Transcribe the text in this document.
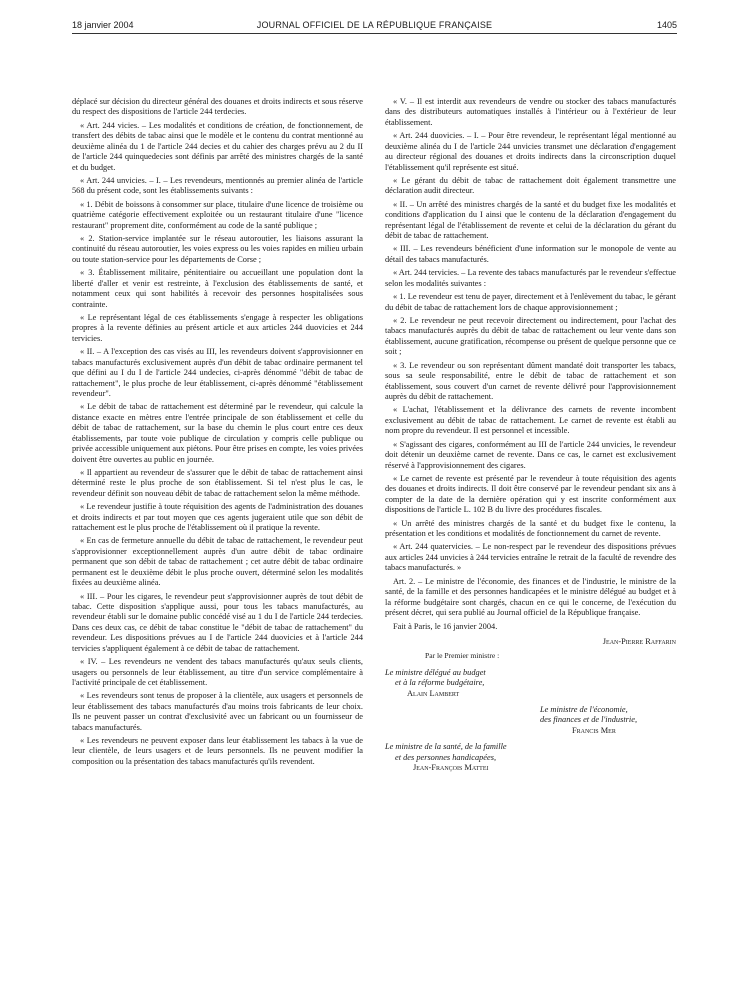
18 janvier 2004	JOURNAL OFFICIEL DE LA RÉPUBLIQUE FRANÇAISE	1405

déplacé sur décision du directeur général des douanes et droits indirects et sous réserve du respect des dispositions de l'article 244 terdecies.

« Art. 244 vicies. – Les modalités et conditions de création, de fonctionnement, de transfert des débits de tabac ainsi que le modèle et le contenu du contrat mentionné au deuxième alinéa du 1 de l'article 244 decies et du cahier des charges prévu au 2 du II de l'article 244 quinquedecies sont définis par arrêté des ministres chargés de la santé et du budget.

« Art. 244 unvicies. – I. – Les revendeurs, mentionnés au premier alinéa de l'article 568 du présent code, sont les établissements suivants :

« 1. Débit de boissons à consommer sur place, titulaire d'une licence de troisième ou quatrième catégorie effectivement exploitée ou un restaurant titulaire d'une "licence restaurant" proprement dite, conformément au code de la santé publique ;

« 2. Station-service implantée sur le réseau autoroutier, les liaisons assurant la continuité du réseau autoroutier, les voies express ou les voies rapides en milieu urbain ou toute station-service pour les départements de Corse ;

« 3. Établissement militaire, pénitentiaire ou accueillant une population dont la liberté d'aller et venir est restreinte, à l'exclusion des établissements de santé, et notamment ceux qui sont habilités à recevoir des personnes hospitalisées sous contrainte.

« Le représentant légal de ces établissements s'engage à respecter les obligations propres à la revente définies au présent article et aux articles 244 duovicies et 244 tervicies.

« II. – A l'exception des cas visés au III, les revendeurs doivent s'approvisionner en tabacs manufacturés exclusivement auprès d'un débit de tabac ordinaire permanent tel que défini au I du I de l'article 244 undecies, ci-après dénommé "débit de tabac de rattachement", le plus proche de leur établissement, ci-après dénommé "établissement revendeur".

« Le débit de tabac de rattachement est déterminé par le revendeur, qui calcule la distance exacte en mètres entre l'entrée principale de son établissement et celle du débit de tabac de rattachement, sur la base du chemin le plus court entre ces deux établissements, par toute voie publique de circulation y compris celle publique ou privée accessible uniquement aux piétons. Pour être prises en compte, les voies privées doivent être ouvertes au public en journée.

« Il appartient au revendeur de s'assurer que le débit de tabac de rattachement ainsi déterminé reste le plus proche de son établissement. Si tel n'est plus le cas, le revendeur définit son nouveau débit de tabac de rattachement selon la même méthode.

« Le revendeur justifie à toute réquisition des agents de l'administration des douanes et droits indirects et par tout moyen que ces agents jugeraient utile que son débit de rattachement est le plus proche de l'établissement où il pratique la revente.

« En cas de fermeture annuelle du débit de tabac de rattachement, le revendeur peut s'approvisionner exceptionnellement auprès d'un autre débit de tabac ordinaire permanent que son débit de tabac de rattachement ; cet autre débit de tabac ordinaire permanent est le deuxième débit le plus proche ouvert, déterminé selon les modalités fixées au deuxième alinéa.

« III. – Pour les cigares, le revendeur peut s'approvisionner auprès de tout débit de tabac. Cette disposition s'applique aussi, pour tous les tabacs manufacturés, au revendeur établi sur le domaine public concédé visé au 1 du I de l'article 244 terdecies. Dans ces deux cas, ce débit de tabac constitue le "débit de tabac de rattachement" du revendeur. Les dispositions prévues au I de l'article 244 duovicies et à l'article 244 tervicies s'appliquent également à ce débit de tabac de rattachement.

« IV. – Les revendeurs ne vendent des tabacs manufacturés qu'aux seuls clients, usagers ou personnels de leur établissement, au titre d'un service complémentaire à l'activité principale de cet établissement.

« Les revendeurs sont tenus de proposer à la clientèle, aux usagers et personnels de leur établissement des tabacs manufacturés d'au moins trois fabricants de leur choix. Ils ne peuvent passer un contrat d'exclusivité avec un fabricant ou un fournisseur de tabacs manufacturés.

« Les revendeurs ne peuvent exposer dans leur établissement les tabacs à la vue de leur clientèle, de leurs usagers et de leurs personnels. Ils ne peuvent modifier la composition ou la présentation des tabacs manufacturés qu'ils revendent.

« V. – Il est interdit aux revendeurs de vendre ou stocker des tabacs manufacturés dans des distributeurs automatiques installés à l'intérieur ou à l'extérieur de leur établissement.

« Art. 244 duovicies. – I. – Pour être revendeur, le représentant légal mentionné au deuxième alinéa du I de l'article 244 unvicies transmet une déclaration d'engagement au directeur régional des douanes et droits indirects dans la circonscription duquel l'établissement qu'il représente est situé.

« Le gérant du débit de tabac de rattachement doit également transmettre une déclaration audit directeur.

« II. – Un arrêté des ministres chargés de la santé et du budget fixe les modalités et conditions d'application du I ainsi que le contenu de la déclaration d'engagement du représentant légal de l'établissement de revente et celui de la déclaration du gérant du débit de tabac de rattachement.

« III. – Les revendeurs bénéficient d'une information sur le monopole de vente au détail des tabacs manufacturés.

« Art. 244 tervicies. – La revente des tabacs manufacturés par le revendeur s'effectue selon les modalités suivantes :

« 1. Le revendeur est tenu de payer, directement et à l'enlèvement du tabac, le gérant du débit de tabac de rattachement lors de chaque approvisionnement ;

« 2. Le revendeur ne peut recevoir directement ou indirectement, pour l'achat des tabacs manufacturés auprès du débit de tabac de rattachement ou leur vente dans son établissement, aucune gratification, récompense ou présent de quelque personne que ce soit ;

« 3. Le revendeur ou son représentant dûment mandaté doit transporter les tabacs, sous sa seule responsabilité, entre le débit de tabac de rattachement et son établissement, sous couvert d'un carnet de revente délivré pour l'approvisionnement auprès du débit de rattachement.

« L'achat, l'établissement et la délivrance des carnets de revente incombent exclusivement au débit de tabac de rattachement. Le carnet de revente est établi au nom propre du revendeur. Il est personnel et incessible.

« S'agissant des cigares, conformément au III de l'article 244 unvicies, le revendeur doit détenir un deuxième carnet de revente. Dans ce cas, le carnet est exclusivement réservé à l'approvisionnement des cigares.

« Le carnet de revente est présenté par le revendeur à toute réquisition des agents des douanes et droits indirects. Il doit être conservé par le revendeur pendant six ans à compter de la date de la dernière opération qui y est inscrite conformément aux dispositions de l'article L. 102 B du livre des procédures fiscales.

« Un arrêté des ministres chargés de la santé et du budget fixe le contenu, la présentation et les conditions et modalités de fonctionnement du carnet de revente.

« Art. 244 quatervicies. – Le non-respect par le revendeur des dispositions prévues aux articles 244 unvicies à 244 tervicies entraîne le retrait de la faculté de revendre des tabacs manufacturés. »

Art. 2. – Le ministre de l'économie, des finances et de l'industrie, le ministre de la santé, de la famille et des personnes handicapées et le ministre délégué au budget et à la réforme budgétaire sont chargés, chacun en ce qui le concerne, de l'exécution du présent décret, qui sera publié au Journal officiel de la République française.

Fait à Paris, le 16 janvier 2004.

Jean-Pierre Raffarin
Par le Premier ministre :
Le ministre délégué au budget
et à la réforme budgétaire,
Alain Lambert
Le ministre de l'économie,
des finances et de l'industrie,
Francis Mer
Le ministre de la santé, de la famille
et des personnes handicapées,
Jean-François Mattei
